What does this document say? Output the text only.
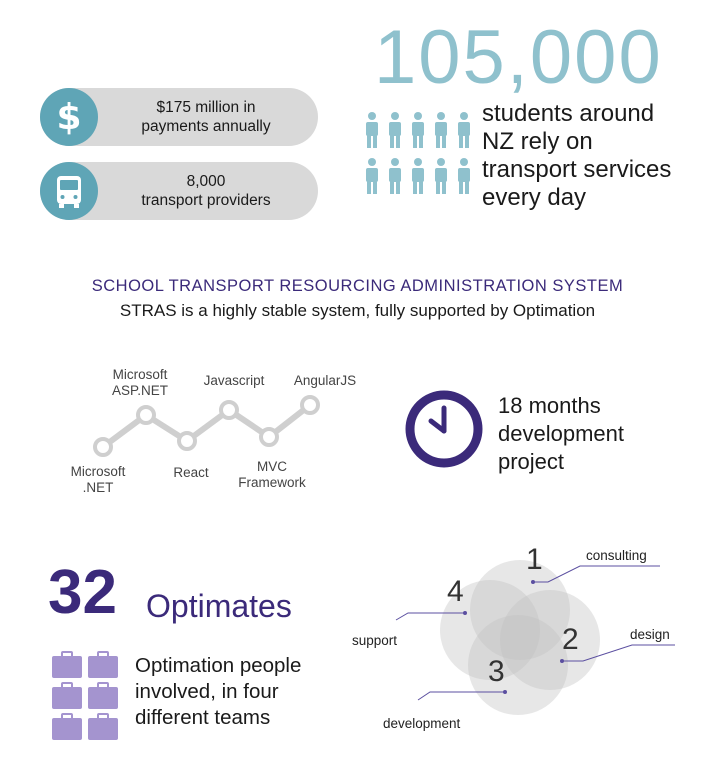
$	$175 million in
payments annually
8,000
transport providers
105,000
students around
NZ rely on
transport services
every day
SCHOOL TRANSPORT RESOURCING ADMINISTRATION SYSTEM
STRAS is a highly stable system, fully supported by Optimation
Microsoft
.NET
Microsoft
ASP.NET
React
Javascript
MVC
Framework
AngularJS
18 months
development
project
32 Optimates
Optimation people
involved, in four
different teams
1
2
3
4
consulting
design
development
support
